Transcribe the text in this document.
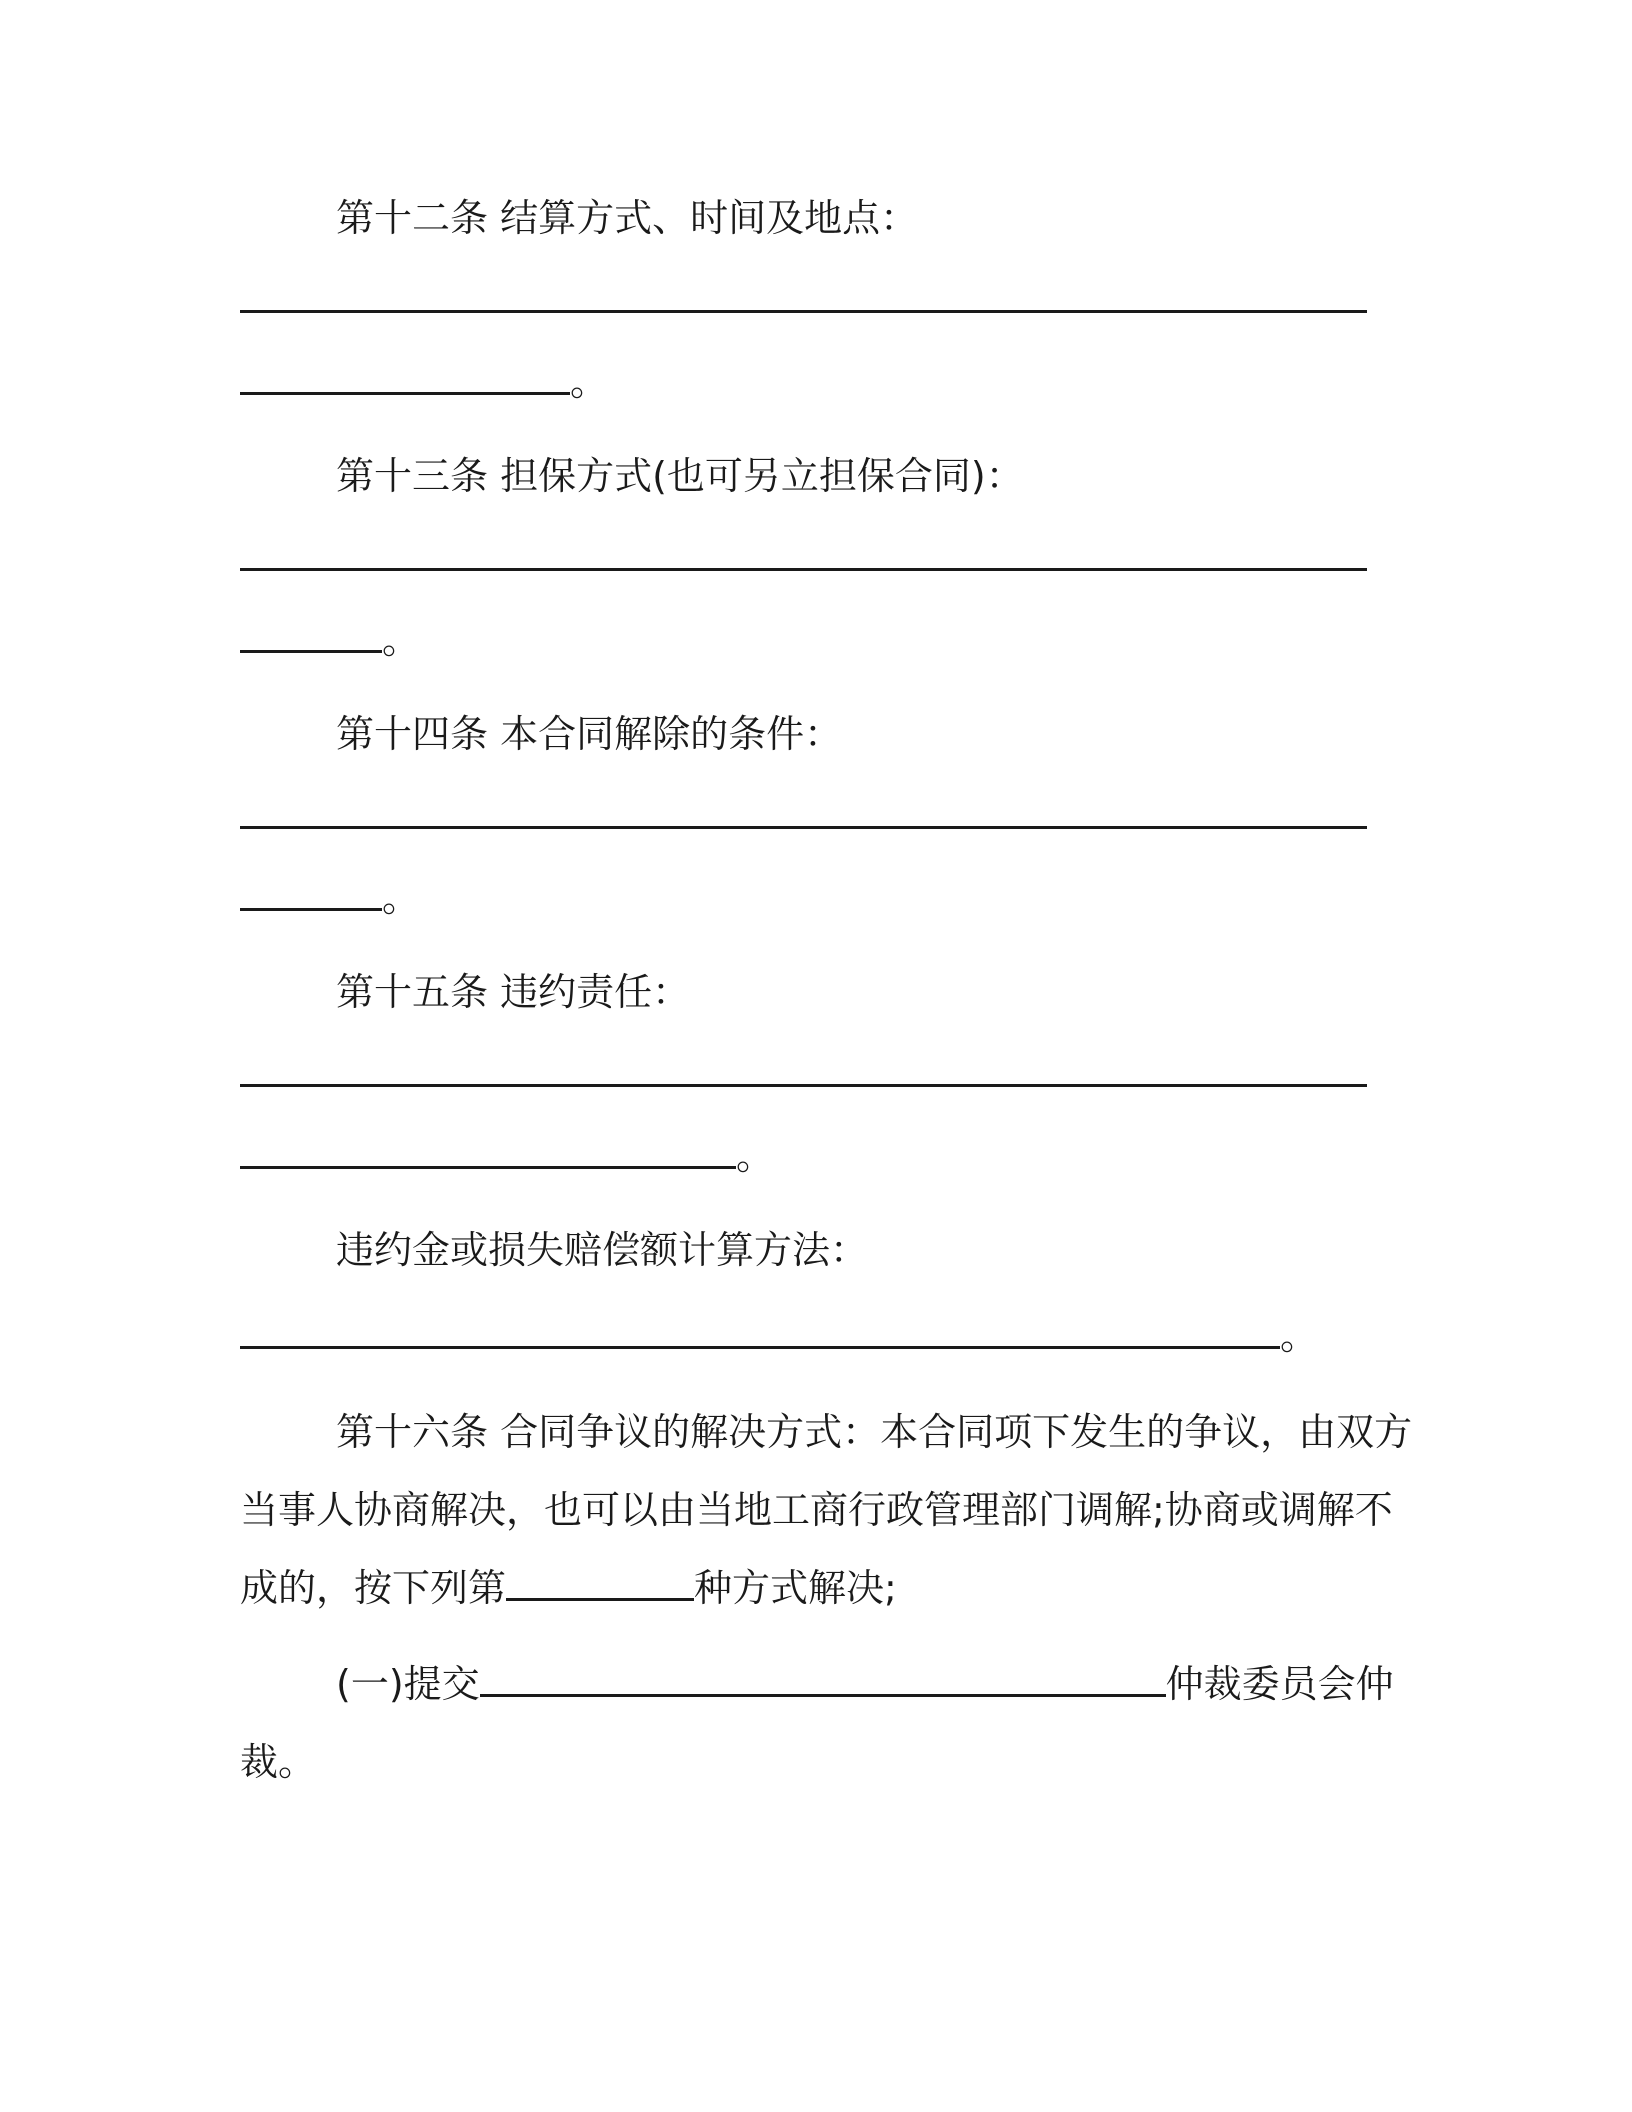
第十二条 结算方式、时间及地点：
。
第十三条 担保方式(也可另立担保合同)：
。
第十四条 本合同解除的条件：
。
第十五条 违约责任：
。
违约金或损失赔偿额计算方法：
。
第十六条 合同争议的解决方式：本合同项下发生的争议，由双方
当事人协商解决，也可以由当地工商行政管理部门调解;协商或调解不
成的，按下列第	种方式解决;
(一)提交	仲裁委员会仲
裁。
